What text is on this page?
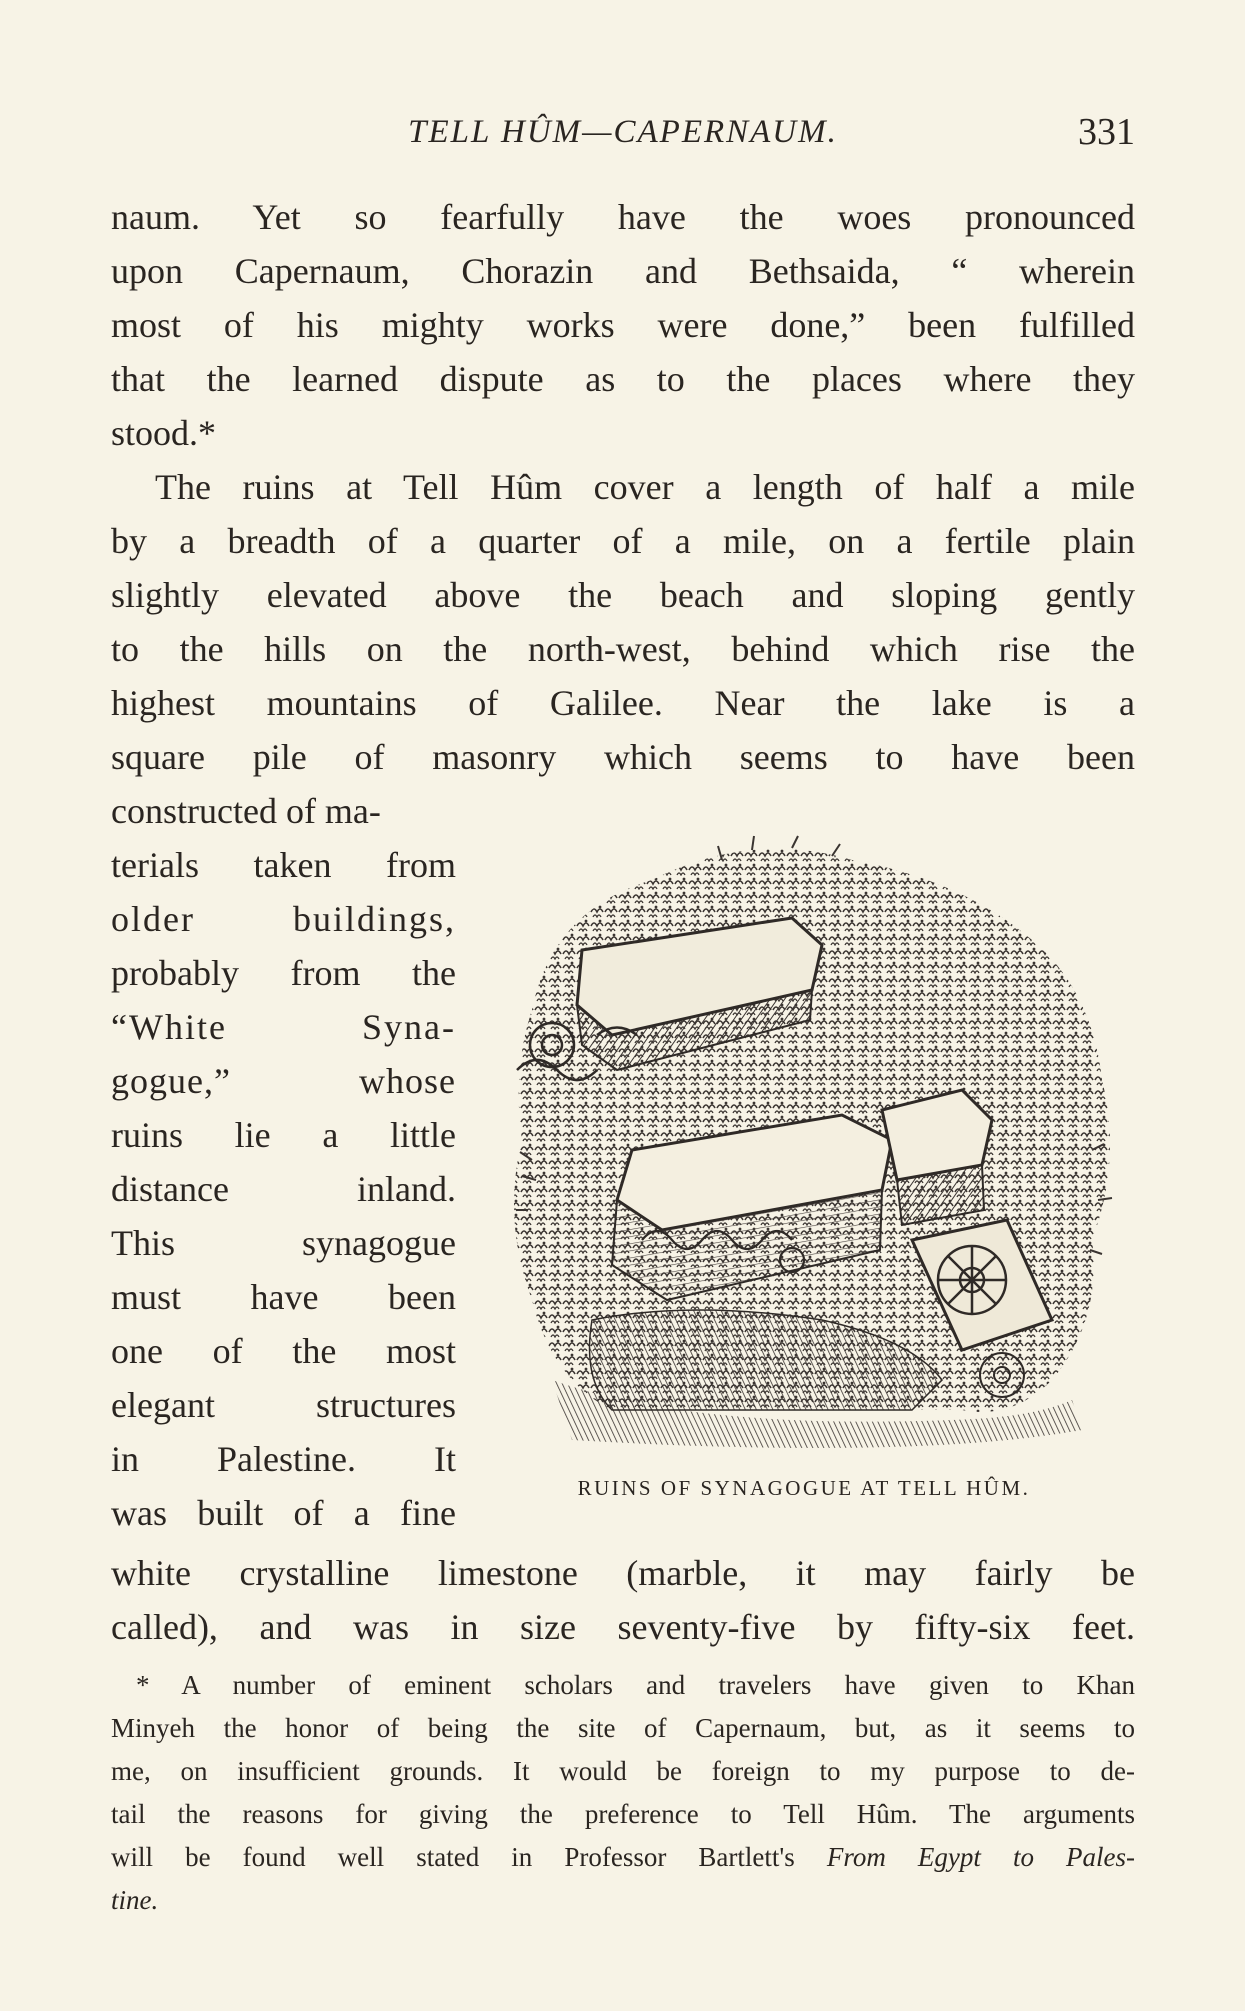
TELL HÛM—CAPERNAUM.	331
naum. Yet so fearfully have the woes pronounced
upon Capernaum, Chorazin and Bethsaida, “ wherein
most of his mighty works were done,” been fulfilled
that the learned dispute as to the places where they
stood.*
The ruins at Tell Hûm cover a length of half a mile
by a breadth of a quarter of a mile, on a fertile plain
slightly elevated above the beach and sloping gently
to the hills on the north-west, behind which rise the
highest mountains of Galilee. Near the lake is a
square pile of masonry which seems to have been
constructed of ma-
terials taken from
older buildings,
probably from the
“White Syna-
gogue,” whose
ruins lie a little
distance inland.
This synagogue
must have been
one of the most
elegant structures
in Palestine. It
was built of a fine
white crystalline limestone (marble, it may fairly be
called), and was in size seventy-five by fifty-six feet.
RUINS OF SYNAGOGUE AT TELL HÛM.
* A number of eminent scholars and travelers have given to Khan
Minyeh the honor of being the site of Capernaum, but, as it seems to
me, on insufficient grounds. It would be foreign to my purpose to de-
tail the reasons for giving the preference to Tell Hûm. The arguments
will be found well stated in Professor Bartlett's From Egypt to Pales-
tine.
